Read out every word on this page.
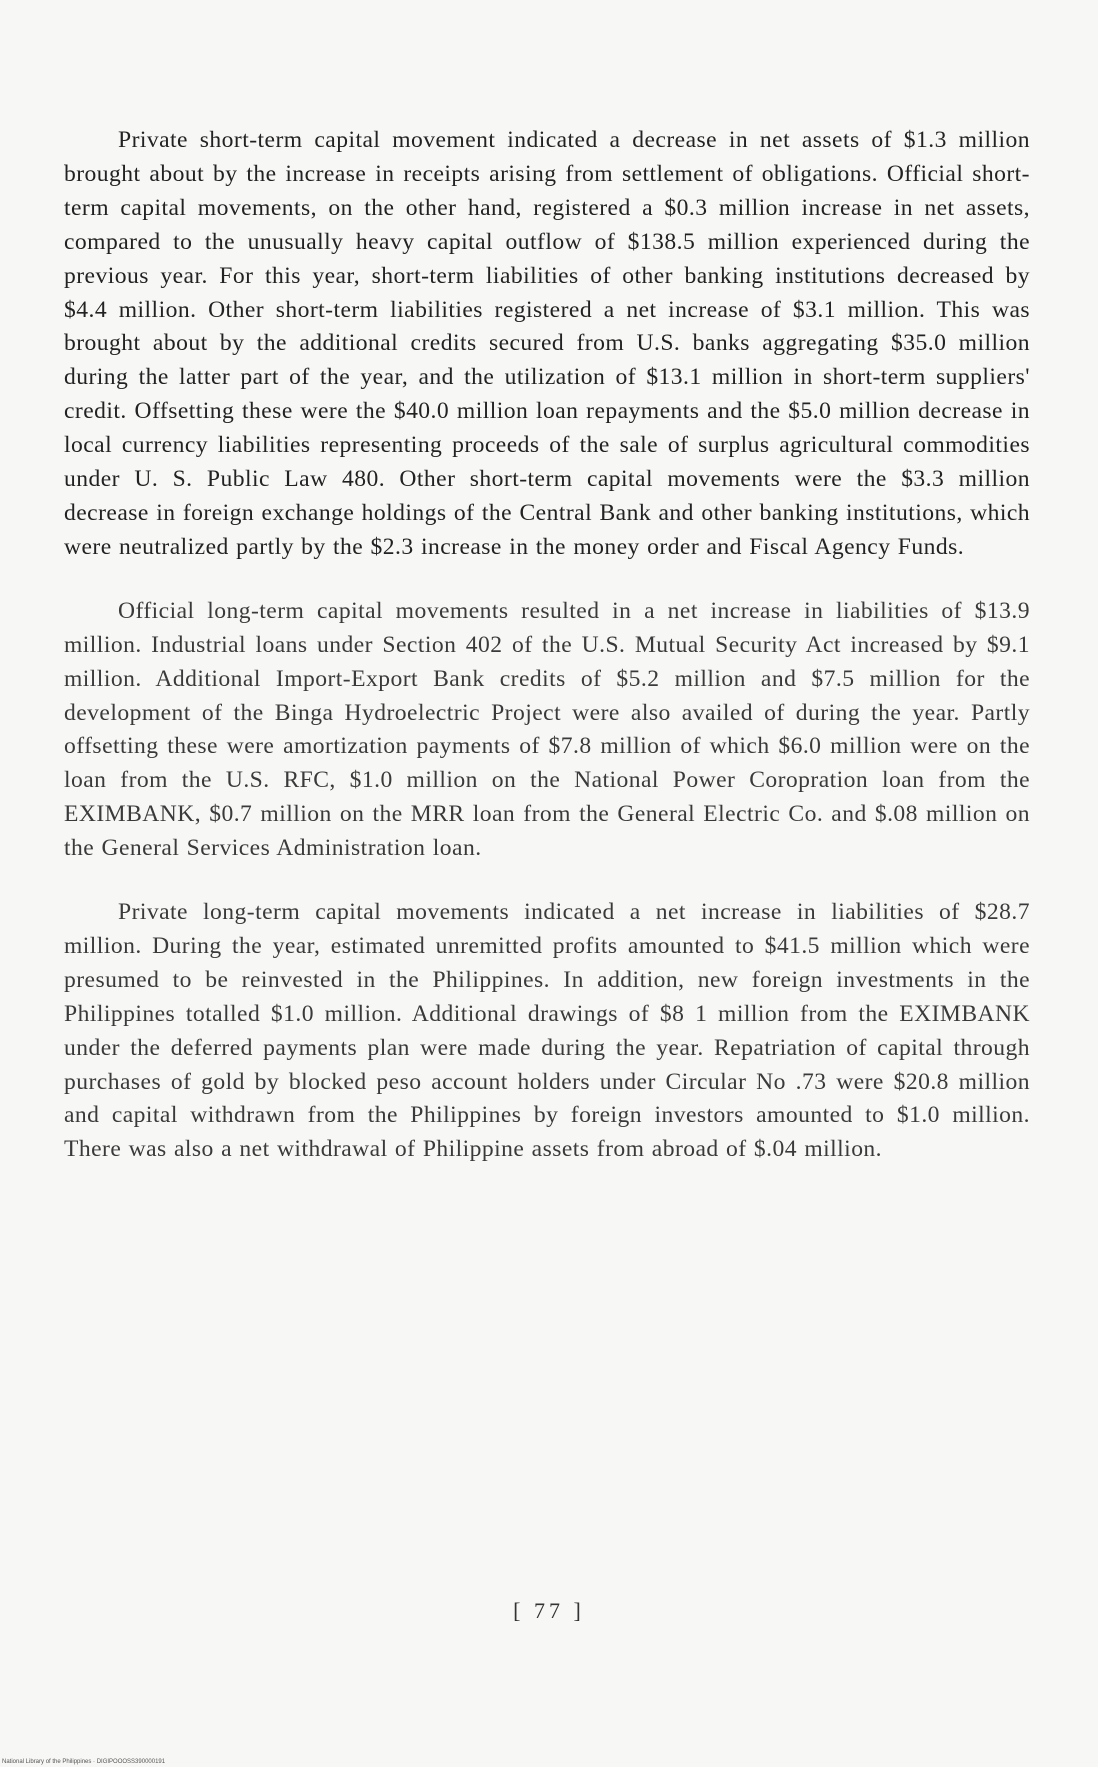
Private short-term capital movement indicated a decrease in net assets of $1.3 million brought about by the increase in receipts arising from settlement of obligations. Official short-term capital movements, on the other hand, registered a $0.3 million increase in net assets, compared to the unusually heavy capital outflow of $138.5 million experienced during the previous year. For this year, short-term liabilities of other banking institutions decreased by $4.4 million. Other short-term liabilities registered a net increase of $3.1 million. This was brought about by the additional credits secured from U.S. banks aggregating $35.0 million during the latter part of the year, and the utilization of $13.1 million in short-term suppliers' credit. Offsetting these were the $40.0 million loan repayments and the $5.0 million decrease in local currency liabilities representing proceeds of the sale of surplus agricultural commodities under U. S. Public Law 480. Other short-term capital movements were the $3.3 million decrease in foreign exchange holdings of the Central Bank and other banking institutions, which were neutralized partly by the $2.3 increase in the money order and Fiscal Agency Funds.

Official long-term capital movements resulted in a net increase in liabilities of $13.9 million. Industrial loans under Section 402 of the U.S. Mutual Security Act increased by $9.1 million. Additional Import-Export Bank credits of $5.2 million and $7.5 million for the development of the Binga Hydroelectric Project were also availed of during the year. Partly offsetting these were amortization payments of $7.8 million of which $6.0 million were on the loan from the U.S. RFC, $1.0 million on the National Power Coropration loan from the EXIMBANK, $0.7 million on the MRR loan from the General Electric Co. and $.08 million on the General Services Administration loan.

Private long-term capital movements indicated a net increase in liabilities of $28.7 million. During the year, estimated unremitted profits amounted to $41.5 million which were presumed to be reinvested in the Philippines. In addition, new foreign investments in the Philippines totalled $1.0 million. Additional drawings of $8 1 million from the EXIMBANK under the deferred payments plan were made during the year. Repatriation of capital through purchases of gold by blocked peso account holders under Circular No .73 were $20.8 million and capital withdrawn from the Philippines by foreign investors amounted to $1.0 million. There was also a net withdrawal of Philippine assets from abroad of $.04 million.

[ 77 ]
National Library of the Philippines · DIGIPOOOSS390000191
